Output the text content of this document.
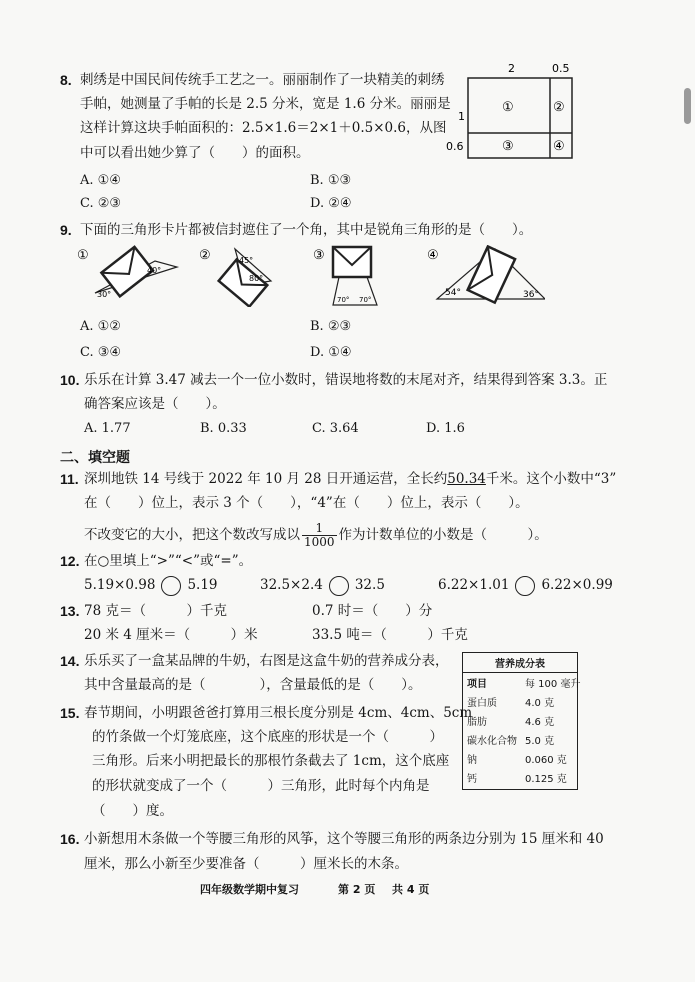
8. 刺绣是中国民间传统手工艺之一。丽丽制作了一块精美的刺绣
手帕，她测量了手帕的长是 2.5 分米，宽是 1.6 分米。丽丽是
这样计算这块手帕面积的：2.5×1.6＝2×1＋0.5×0.6，从图
中可以看出她少算了（　　）的面积。
A. ①④	B. ①③
C. ②③	D. ②④
2	0.5
1
0.6
①	②
③	④
9. 下面的三角形卡片都被信封遮住了一个角，其中是锐角三角形的是（　　）。
①
40°
30°
②	45°
80°
③
70° 70°
④
54°	36°
A. ①②	B. ②③
C. ③④	D. ①④
10. 乐乐在计算 3.47 减去一个一位小数时，错误地将数的末尾对齐，结果得到答案 3.3。正
确答案应该是（　　）。
A. 1.77	B. 0.33	C. 3.64	D. 1.6
二、填空题
11. 深圳地铁 14 号线于 2022 年 10 月 28 日开通运营，全长约50.34千米。这个小数中“3”
在（　　）位上，表示 3 个（　　），“4”在（　　）位上，表示（　　）。
不改变它的大小，把这个数改写成以 $\frac{1}{1000}$ 作为计数单位的小数是（　　　）。
12. 在○里填上“>”“<”或“=”。
5.19×0.98 5.19	32.5×2.4 32.5	6.22×1.01 6.22×0.99
13. 78 克＝（　　　）千克	0.7 时＝（　　）分
20 米 4 厘米＝（　　　）米	33.5 吨＝（　　　）千克
14. 乐乐买了一盒某品牌的牛奶，右图是这盒牛奶的营养成分表，
其中含量最高的是（　　　　），含量最低的是（　　）。
营养成分表
项目	每 100 毫升
蛋白质	4.0 克
脂肪	4.6 克
碳水化合物	5.0 克
钠	0.060 克
钙	0.125 克
15. 春节期间，小明跟爸爸打算用三根长度分别是 4cm、4cm、5cm
的竹条做一个灯笼底座，这个底座的形状是一个（　　　）
三角形。后来小明把最长的那根竹条截去了 1cm，这个底座
的形状就变成了一个（　　　）三角形，此时每个内角是
（　　）度。
16. 小新想用木条做一个等腰三角形的风筝，这个等腰三角形的两条边分别为 15 厘米和 40
厘米，那么小新至少要准备（　　　）厘米长的木条。
四年级数学期中复习	第 2 页 共 4 页
